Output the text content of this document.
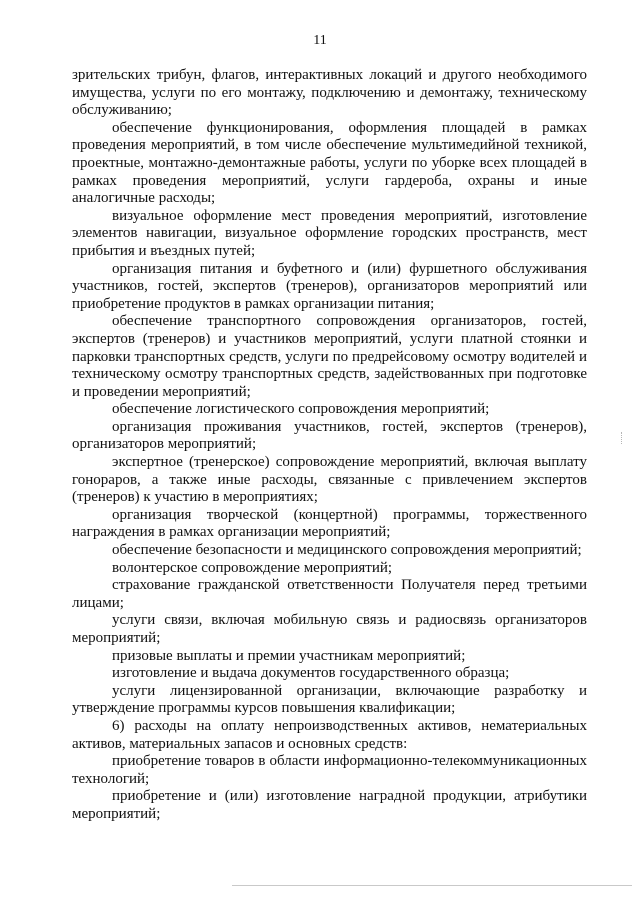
11

зрительских трибун, флагов, интерактивных локаций и другого необходимого имущества, услуги по его монтажу, подключению и демонтажу, техническому обслуживанию;

обеспечение функционирования, оформления площадей в рамках проведения мероприятий, в том числе обеспечение мультимедийной техникой, проектные, монтажно-демонтажные работы, услуги по уборке всех площадей в рамках проведения мероприятий, услуги гардероба, охраны и иные аналогичные расходы;

визуальное оформление мест проведения мероприятий, изготовление элементов навигации, визуальное оформление городских пространств, мест прибытия и въездных путей;

организация питания и буфетного и (или) фуршетного обслуживания участников, гостей, экспертов (тренеров), организаторов мероприятий или приобретение продуктов в рамках организации питания;

обеспечение транспортного сопровождения организаторов, гостей, экспертов (тренеров) и участников мероприятий, услуги платной стоянки и парковки транспортных средств, услуги по предрейсовому осмотру водителей и техническому осмотру транспортных средств, задействованных при подготовке и проведении мероприятий;

обеспечение логистического сопровождения мероприятий;

организация проживания участников, гостей, экспертов (тренеров), организаторов мероприятий;

экспертное (тренерское) сопровождение мероприятий, включая выплату гонораров, а также иные расходы, связанные с привлечением экспертов (тренеров) к участию в мероприятиях;

организация творческой (концертной) программы, торжественного награждения в рамках организации мероприятий;

обеспечение безопасности и медицинского сопровождения мероприятий;

волонтерское сопровождение мероприятий;

страхование гражданской ответственности Получателя перед третьими лицами;

услуги связи, включая мобильную связь и радиосвязь организаторов мероприятий;

призовые выплаты и премии участникам мероприятий;

изготовление и выдача документов государственного образца;

услуги лицензированной организации, включающие разработку и утверждение программы курсов повышения квалификации;

6) расходы на оплату непроизводственных активов, нематериальных активов, материальных запасов и основных средств:

приобретение товаров в области информационно-телекоммуникационных технологий;

приобретение и (или) изготовление наградной продукции, атрибутики мероприятий;
